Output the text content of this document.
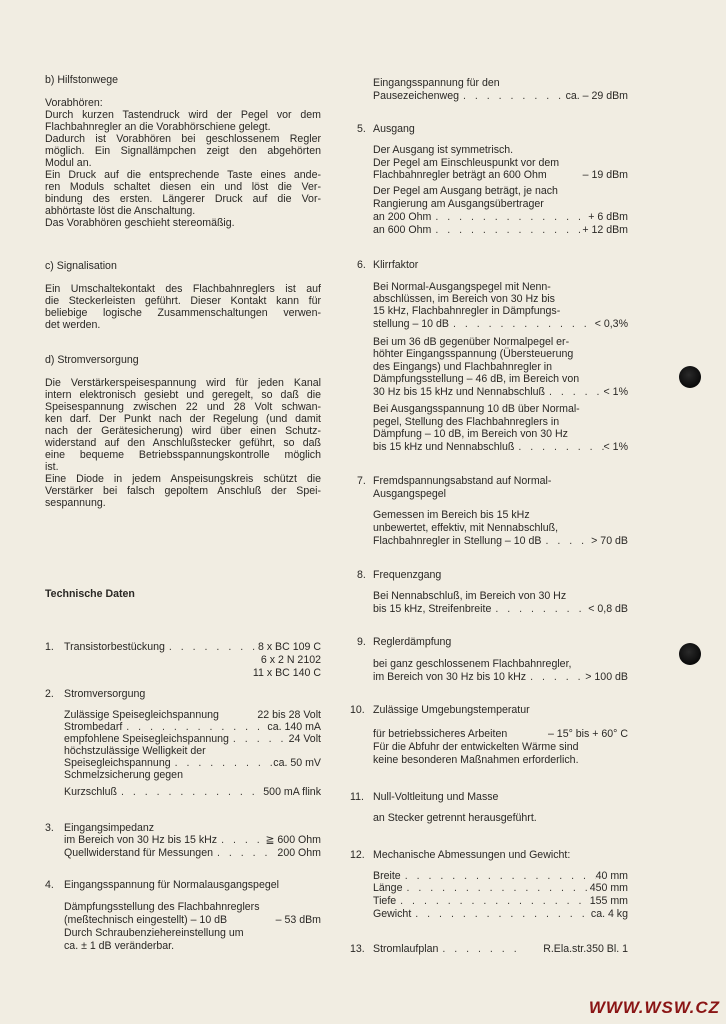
b) Hilfstonwege
Vorabhören:
Durch kurzen Tastendruck wird der Pegel vor dem
Flachbahnregler an die Vorabhörschiene gelegt.
Dadurch ist Vorabhören bei geschlossenem Regler
möglich. Ein Signallämpchen zeigt den abgehörten
Modul an.
Ein Druck auf die entsprechende Taste eines ande-
ren Moduls schaltet diesen ein und löst die Ver-
bindung des ersten. Längerer Druck auf die Vor-
abhörtaste löst die Anschaltung.
Das Vorabhören geschieht stereomäßig.
c) Signalisation
Ein Umschaltekontakt des Flachbahnreglers ist auf
die Steckerleisten geführt. Dieser Kontakt kann für
beliebige logische Zusammenschaltungen verwen-
det werden.
d) Stromversorgung
Die Verstärkerspeisespannung wird für jeden Kanal
intern elektronisch gesiebt und geregelt, so daß die
Speisespannung zwischen 22 und 28 Volt schwan-
ken darf. Der Punkt nach der Regelung (und damit
nach der Gerätesicherung) wird über einen Schutz-
widerstand auf den Anschlußstecker geführt, so daß
eine bequeme Betriebsspannungskontrolle möglich
ist.
Eine Diode in jedem Anspeisungskreis schützt die
Verstärker bei falsch gepoltem Anschluß der Spei-
sespannung.
Technische Daten
1. Transistorbestückung . . .	8 x BC 109 C
6 x 2 N 2102
11 x BC 140 C
2. Stromversorgung
Zulässige Speisegleichspannung	22 bis 28 Volt
Strombedarf . . .	ca. 140 mA
empfohlene Speisegleichspannung . . .	24 Volt
höchstzulässige Welligkeit der
Speisegleichspannung . . .	ca. 50 mV
Schmelzsicherung gegen
Kurzschluß . . .	500 mA flink
3. Eingangsimpedanz
im Bereich von 30 Hz bis 15 kHz . . .	≧ 600 Ohm
Quellwiderstand für Messungen . . .	200 Ohm
4. Eingangsspannung für Normalausgangspegel
Dämpfungsstellung des Flachbahnreglers
(meßtechnisch eingestellt) – 10 dB	– 53 dBm
Durch Schraubenziehereinstellung um
ca. ± 1 dB veränderbar.
Eingangsspannung für den
Pausezeichenweg . . .	ca. – 29 dBm
5. Ausgang
Der Ausgang ist symmetrisch.
Der Pegel am Einschleuspunkt vor dem
Flachbahnregler beträgt an 600 Ohm	– 19 dBm
Der Pegel am Ausgang beträgt, je nach
Rangierung am Ausgangsübertrager
an 200 Ohm . . .	+ 6 dBm
an 600 Ohm . . .	+ 12 dBm
6. Klirrfaktor
Bei Normal-Ausgangspegel mit Nenn-
abschlüssen, im Bereich von 30 Hz bis
15 kHz, Flachbahnregler in Dämpfungs-
stellung – 10 dB . . .	< 0,3%
Bei um 36 dB gegenüber Normalpegel er-
höhter Eingangsspannung (Übersteuerung
des Eingangs) und Flachbahnregler in
Dämpfungsstellung – 46 dB, im Bereich von
30 Hz bis 15 kHz und Nennabschluß . . .	< 1%
Bei Ausgangsspannung 10 dB über Normal-
pegel, Stellung des Flachbahnreglers in
Dämpfung – 10 dB, im Bereich von 30 Hz
bis 15 kHz und Nennabschluß . . .	< 1%
7. Fremdspannungsabstand auf Normal-
Ausgangspegel
Gemessen im Bereich bis 15 kHz
unbewertet, effektiv, mit Nennabschluß,
Flachbahnregler in Stellung – 10 dB . . .	> 70 dB
8. Frequenzgang
Bei Nennabschluß, im Bereich von 30 Hz
bis 15 kHz, Streifenbreite . . .	< 0,8 dB
9. Reglerdämpfung
bei ganz geschlossenem Flachbahnregler,
im Bereich von 30 Hz bis 10 kHz . . .	> 100 dB
10. Zulässige Umgebungstemperatur
für betriebssicheres Arbeiten	– 15° bis + 60° C
Für die Abfuhr der entwickelten Wärme sind
keine besonderen Maßnahmen erforderlich.
11. Null-Voltleitung und Masse
an Stecker getrennt herausgeführt.
12. Mechanische Abmessungen und Gewicht:
Breite . . .	40 mm
Länge . . .	450 mm
Tiefe . . .	155 mm
Gewicht . . .	ca. 4 kg
13. Stromlaufplan . . .	R.Ela.str.350 Bl. 1
WWW.WSW.CZ
